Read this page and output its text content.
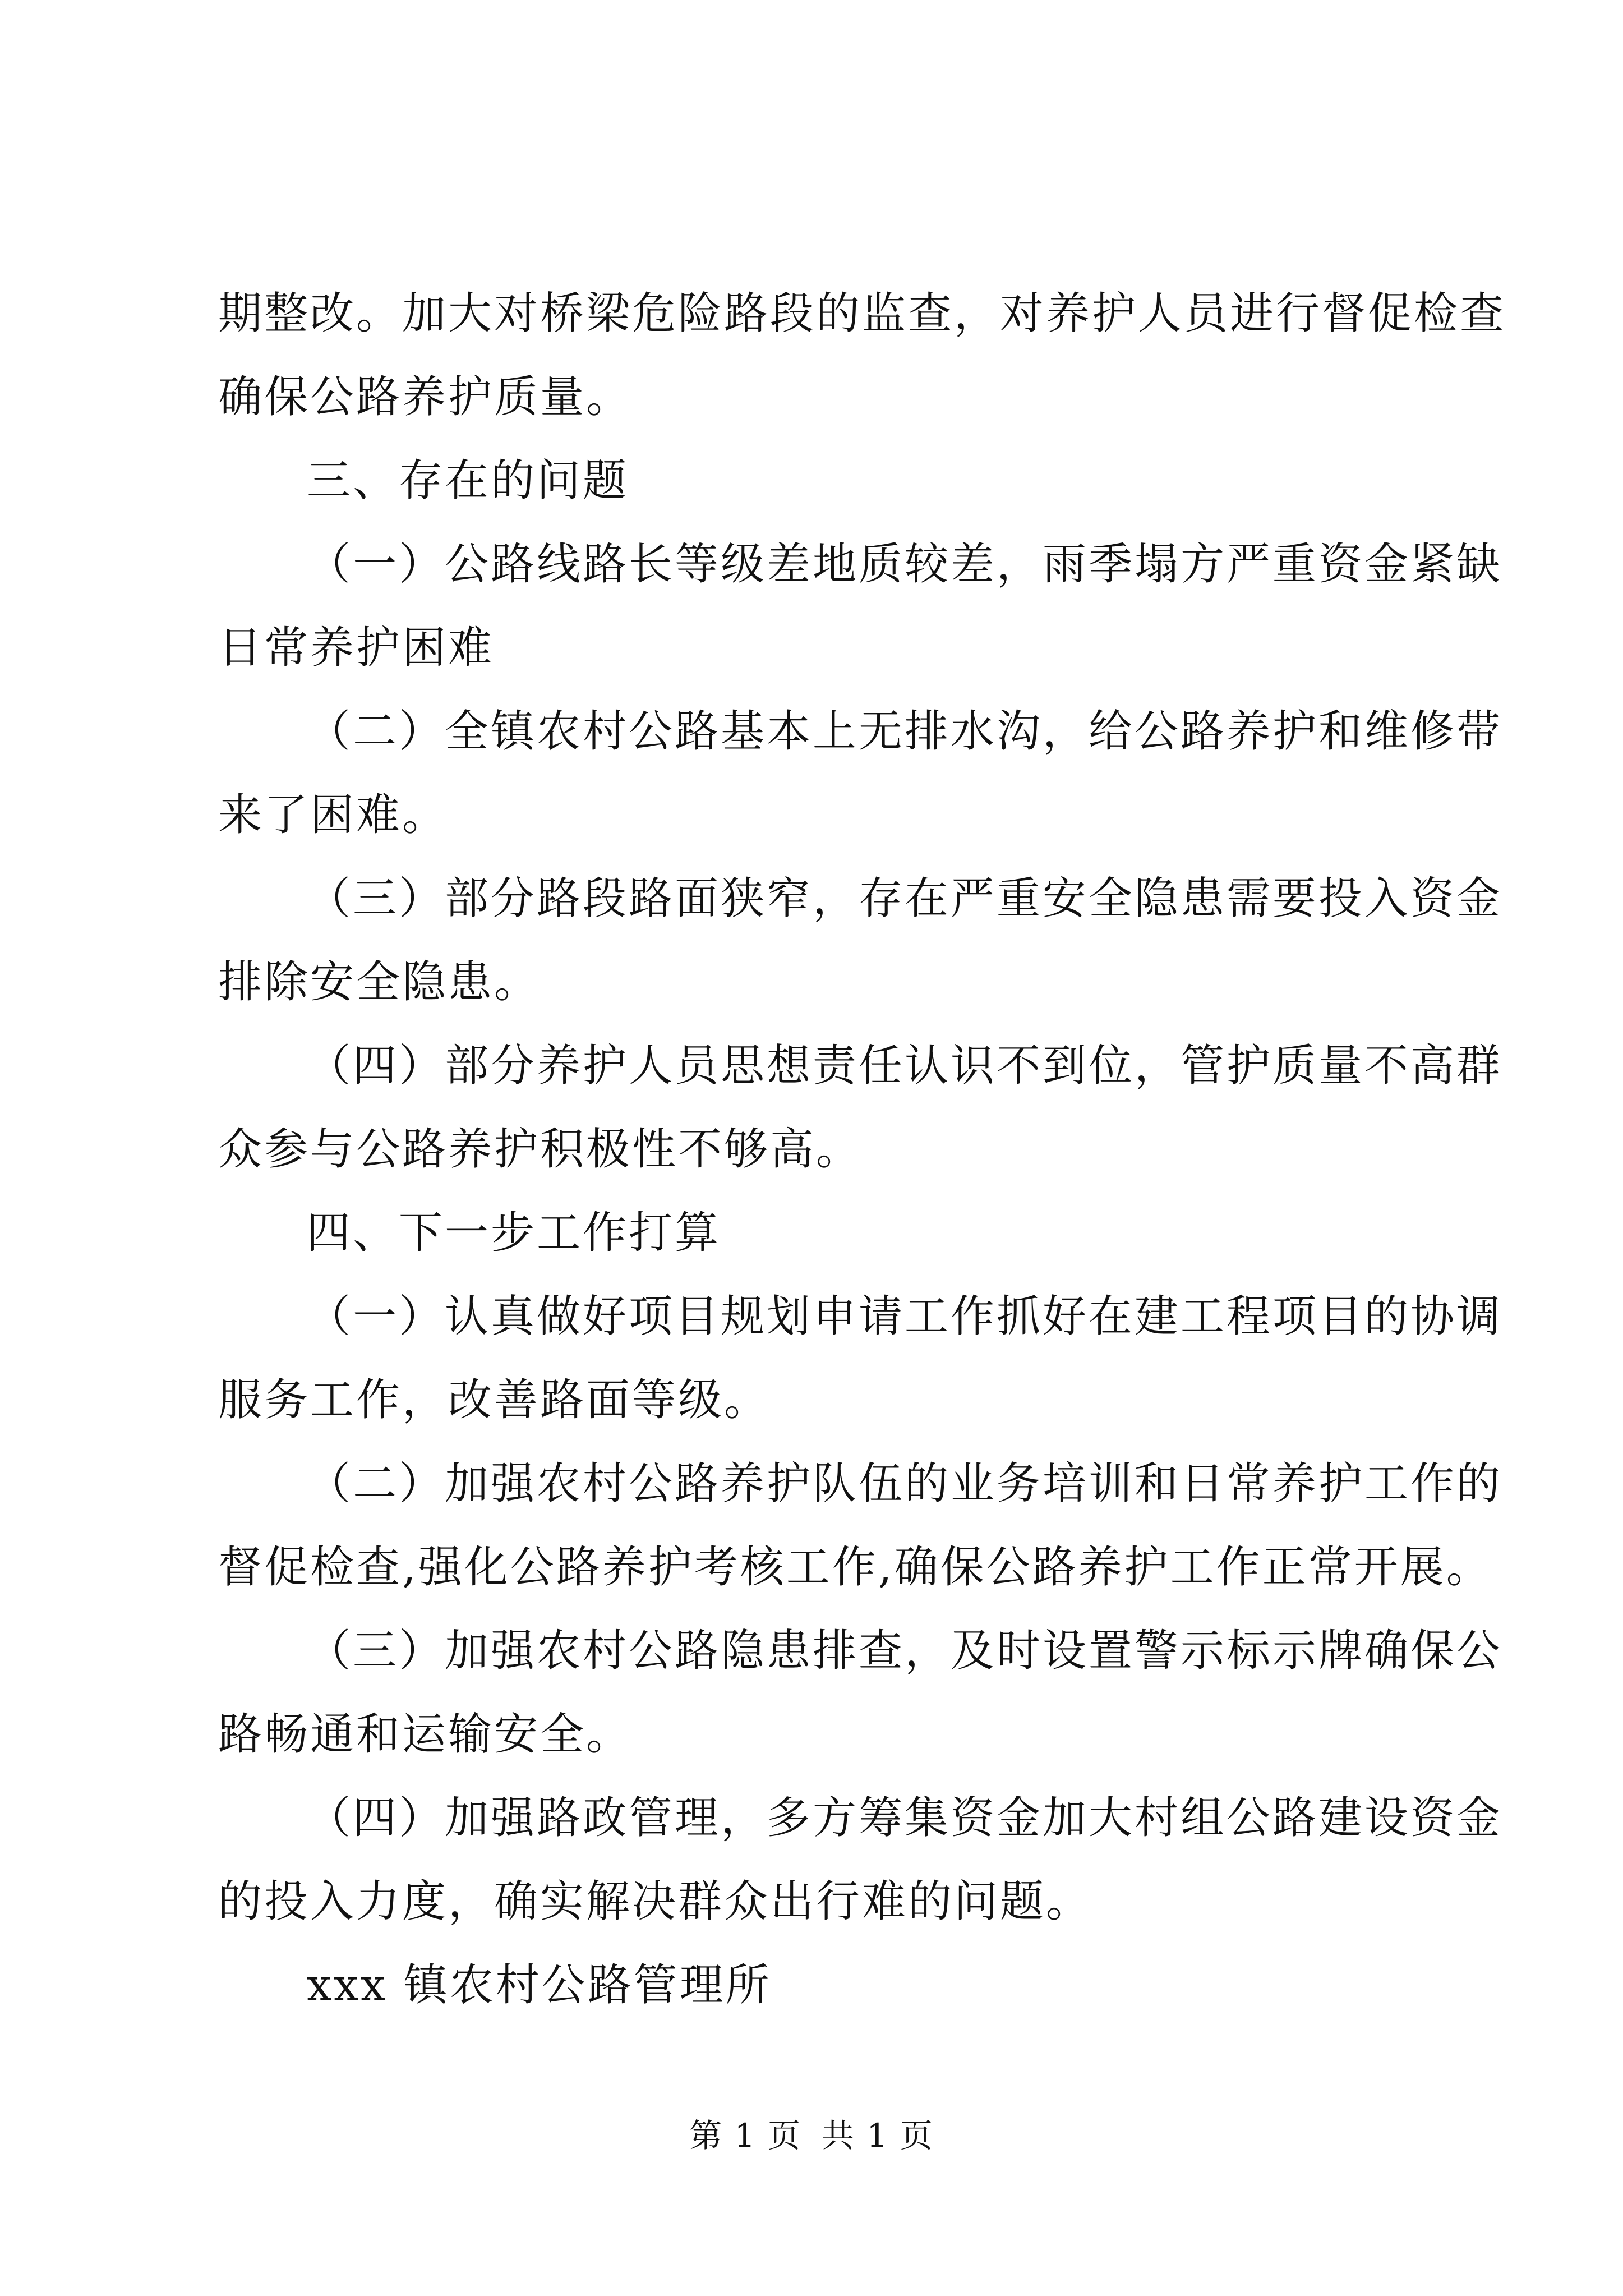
期整改。加大对桥梁危险路段的监查，对养护人员进行督促检查
确保公路养护质量。
三、存在的问题
（一）公路线路长等级差地质较差，雨季塌方严重资金紧缺
日常养护困难
（二）全镇农村公路基本上无排水沟，给公路养护和维修带
来了困难。
（三）部分路段路面狭窄，存在严重安全隐患需要投入资金
排除安全隐患。
（四）部分养护人员思想责任认识不到位，管护质量不高群
众参与公路养护积极性不够高。
四、下一步工作打算
（一）认真做好项目规划申请工作抓好在建工程项目的协调
服务工作，改善路面等级。
（二）加强农村公路养护队伍的业务培训和日常养护工作的
督促检查,强化公路养护考核工作,确保公路养护工作正常开展。
（三）加强农村公路隐患排查，及时设置警示标示牌确保公
路畅通和运输安全。
（四）加强路政管理，多方筹集资金加大村组公路建设资金
的投入力度，确实解决群众出行难的问题。
xxx 镇农村公路管理所
第 1 页 共 1 页
